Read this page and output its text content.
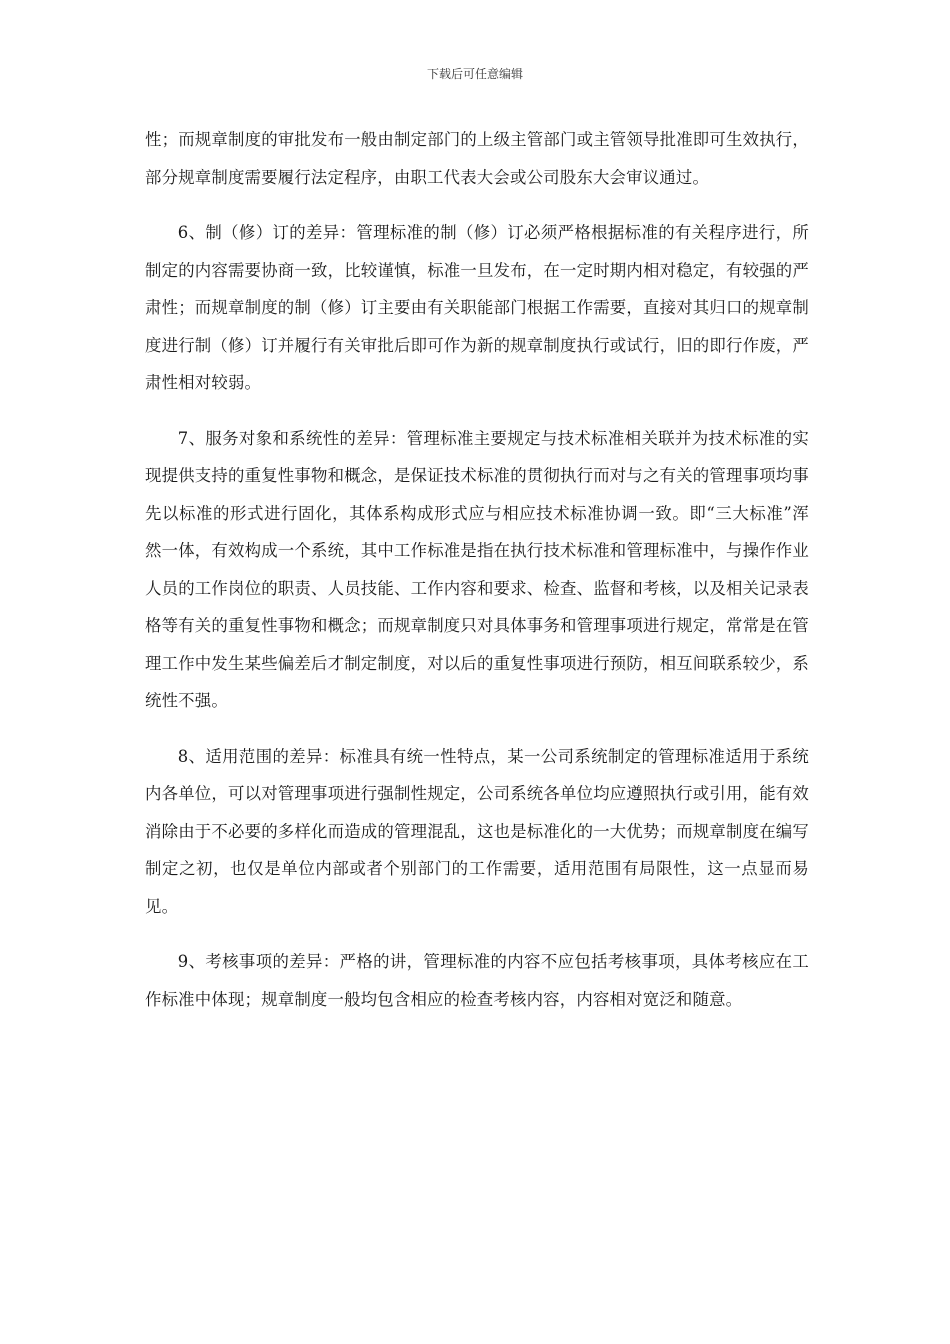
下载后可任意编辑

性；而规章制度的审批发布一般由制定部门的上级主管部门或主管领导批准即可生效执行，部分规章制度需要履行法定程序，由职工代表大会或公司股东大会审议通过。

6、制（修）订的差异：管理标准的制（修）订必须严格根据标准的有关程序进行，所制定的内容需要协商一致，比较谨慎，标准一旦发布，在一定时期内相对稳定，有较强的严肃性；而规章制度的制（修）订主要由有关职能部门根据工作需要，直接对其归口的规章制度进行制（修）订并履行有关审批后即可作为新的规章制度执行或试行，旧的即行作废，严肃性相对较弱。

7、服务对象和系统性的差异：管理标准主要规定与技术标准相关联并为技术标准的实现提供支持的重复性事物和概念，是保证技术标准的贯彻执行而对与之有关的管理事项均事先以标准的形式进行固化，其体系构成形式应与相应技术标准协调一致。即“三大标准”浑然一体，有效构成一个系统，其中工作标准是指在执行技术标准和管理标准中，与操作作业人员的工作岗位的职责、人员技能、工作内容和要求、检查、监督和考核，以及相关记录表格等有关的重复性事物和概念；而规章制度只对具体事务和管理事项进行规定，常常是在管理工作中发生某些偏差后才制定制度，对以后的重复性事项进行预防，相互间联系较少，系统性不强。

8、适用范围的差异：标准具有统一性特点，某一公司系统制定的管理标准适用于系统内各单位，可以对管理事项进行强制性规定，公司系统各单位均应遵照执行或引用，能有效消除由于不必要的多样化而造成的管理混乱，这也是标准化的一大优势；而规章制度在编写制定之初，也仅是单位内部或者个别部门的工作需要，适用范围有局限性，这一点显而易见。

9、考核事项的差异：严格的讲，管理标准的内容不应包括考核事项，具体考核应在工作标准中体现；规章制度一般均包含相应的检查考核内容，内容相对宽泛和随意。
